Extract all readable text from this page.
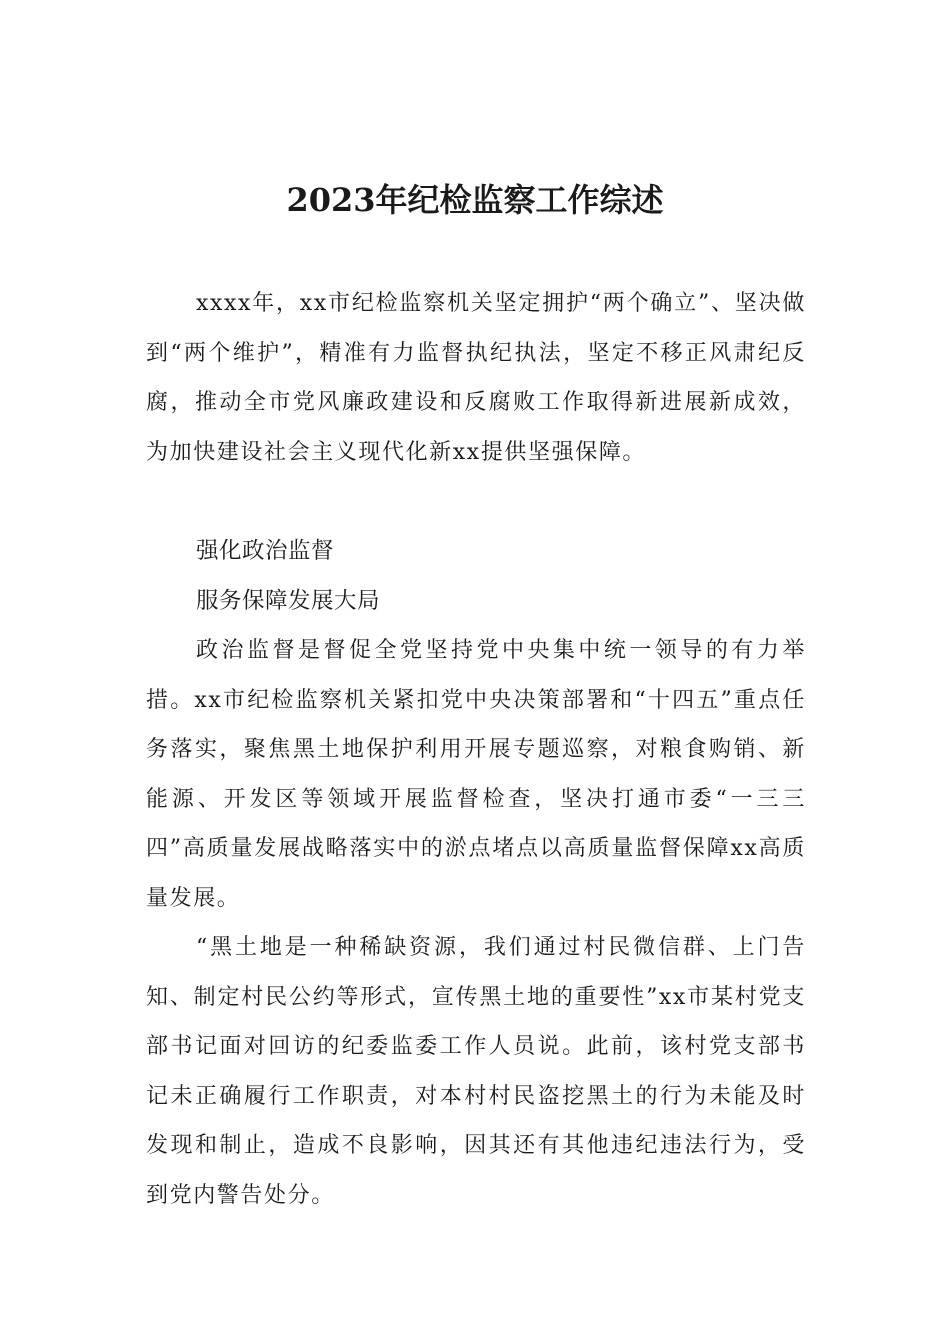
2023年纪检监察工作综述

xxxx年，xx市纪检监察机关坚定拥护“两个确立”、坚决做到“两个维护”，精准有力监督执纪执法，坚定不移正风肃纪反腐，推动全市党风廉政建设和反腐败工作取得新进展新成效，为加快建设社会主义现代化新xx提供坚强保障。

强化政治监督

服务保障发展大局

政治监督是督促全党坚持党中央集中统一领导的有力举措。xx市纪检监察机关紧扣党中央决策部署和“十四五”重点任务落实，聚焦黑土地保护利用开展专题巡察，对粮食购销、新能源、开发区等领域开展监督检查，坚决打通市委“一三三四”高质量发展战略落实中的淤点堵点以高质量监督保障xx高质量发展。

“黑土地是一种稀缺资源，我们通过村民微信群、上门告知、制定村民公约等形式，宣传黑土地的重要性”xx市某村党支部书记面对回访的纪委监委工作人员说。此前，该村党支部书记未正确履行工作职责，对本村村民盗挖黑土的行为未能及时发现和制止，造成不良影响，因其还有其他违纪违法行为，受到党内警告处分。
